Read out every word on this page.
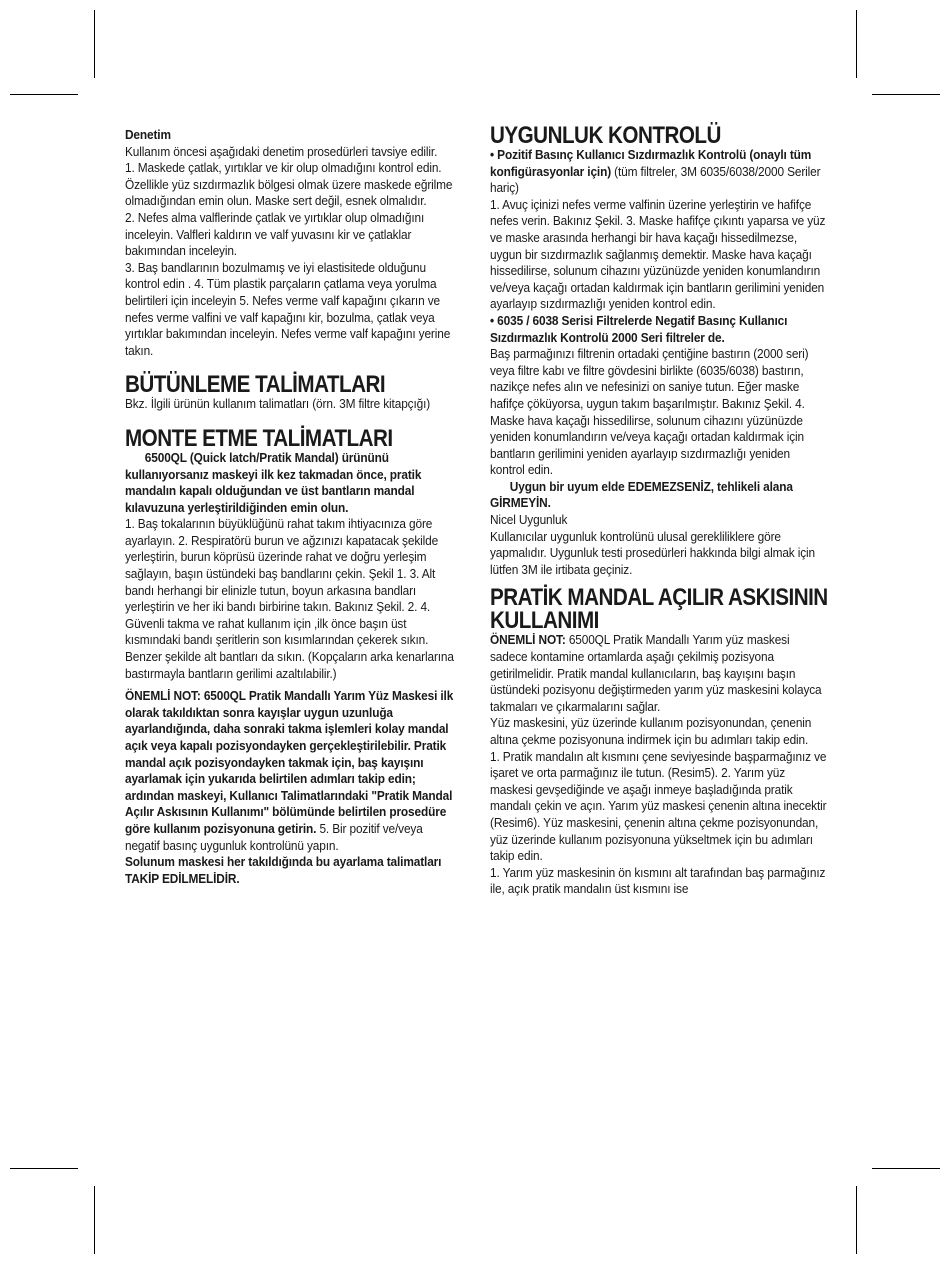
Denetim

Kullanım öncesi aşağıdaki denetim prosedürleri tavsiye edilir.

1. Maskede çatlak, yırtıklar ve kir olup olmadığını kontrol edin. Özellikle yüz sızdırmazlık bölgesi olmak üzere maskede eğrilme olmadığından emin olun. Maske sert değil, esnek olmalıdır.

2. Nefes alma valflerinde çatlak ve yırtıklar olup olmadığını inceleyin. Valfleri kaldırın ve valf yuvasını kir ve çatlaklar bakımından inceleyin.

3. Baş bandlarının bozulmamış ve iyi elastisitede olduğunu kontrol edin . 4. Tüm plastik parçaların çatlama veya yorulma belirtileri için inceleyin 5. Nefes verme valf kapağını çıkarın ve nefes verme valfini ve valf kapağını kir, bozulma, çatlak veya yırtıklar bakımından inceleyin. Nefes verme valf kapağını yerine takın.

BÜTÜNLEME TALİMATLARI

Bkz. İlgili ürünün kullanım talimatları (örn. 3M filtre kitapçığı)

MONTE ETME TALİMATLARI

6500QL (Quick latch/Pratik Mandal) ürününü kullanıyorsanız maskeyi ilk kez takmadan önce, pratik mandalın kapalı olduğundan ve üst bantların mandal kılavuzuna yerleştirildiğinden emin olun.

1. Baş tokalarının büyüklüğünü rahat takım ihtiyacınıza göre ayarlayın. 2. Respiratörü burun ve ağzınızı kapatacak şekilde yerleştirin, burun köprüsü üzerinde rahat ve doğru yerleşim sağlayın, başın üstündeki baş bandlarını çekin. Şekil 1. 3. Alt bandı herhangi bir elinizle tutun, boyun arkasına bandları yerleştirin ve her iki bandı birbirine takın. Bakınız Şekil. 2. 4. Güvenli takma ve rahat kullanım için ,ilk önce başın üst kısmındaki bandı şeritlerin son kısımlarından çekerek sıkın. Benzer şekilde alt bantları da sıkın. (Kopçaların arka kenarlarına bastırmayla bantların gerilimi azaltılabilir.)

ÖNEMLİ NOT: 6500QL Pratik Mandallı Yarım Yüz Maskesi ilk olarak takıldıktan sonra kayışlar uygun uzunluğa ayarlandığında, daha sonraki takma işlemleri kolay mandal açık veya kapalı pozisyondayken gerçekleştirilebilir. Pratik mandal açık pozisyondayken takmak için, baş kayışını ayarlamak için yukarıda belirtilen adımları takip edin; ardından maskeyi, Kullanıcı Talimatlarındaki "Pratik Mandal Açılır Askısının Kullanımı" bölümünde belirtilen prosedüre göre kullanım pozisyonuna getirin. 5. Bir pozitif ve/veya negatif basınç uygunluk kontrolünü yapın.

Solunum maskesi her takıldığında bu ayarlama talimatları TAKİP EDİLMELİDİR.

UYGUNLUK KONTROLÜ

• Pozitif Basınç Kullanıcı Sızdırmazlık Kontrolü (onaylı tüm konfigürasyonlar için) (tüm filtreler, 3M 6035/6038/2000 Seriler hariç)

1. Avuç içinizi nefes verme valfinin üzerine yerleştirin ve hafifçe nefes verin. Bakınız Şekil. 3. Maske hafifçe çıkıntı yaparsa ve yüz ve maske arasında herhangi bir hava kaçağı hissedilmezse, uygun bir sızdırmazlık sağlanmış demektir. Maske hava kaçağı hissedilirse, solunum cihazını yüzünüzde yeniden konumlandırın ve/veya kaçağı ortadan kaldırmak için bantların gerilimini yeniden ayarlayıp sızdırmazlığı yeniden kontrol edin.

• 6035 / 6038 Serisi Filtrelerde Negatif Basınç Kullanıcı Sızdırmazlık Kontrolü 2000 Seri filtreler de.

Baş parmağınızı filtrenin ortadaki çentiğine bastırın (2000 seri) veya filtre kabı ve filtre gövdesini birlikte (6035/6038) bastırın, nazikçe nefes alın ve nefesinizi on saniye tutun. Eğer maske hafifçe çöküyorsa, uygun takım başarılmıştır. Bakınız Şekil. 4. Maske hava kaçağı hissedilirse, solunum cihazını yüzünüzde yeniden konumlandırın ve/veya kaçağı ortadan kaldırmak için bantların gerilimini yeniden ayarlayıp sızdırmazlığı yeniden kontrol edin.

Uygun bir uyum elde EDEMEZSENİZ, tehlikeli alana GİRMEYİN.

Nicel Uygunluk

Kullanıcılar uygunluk kontrolünü ulusal gerekliliklere göre yapmalıdır. Uygunluk testi prosedürleri hakkında bilgi almak için lütfen 3M ile irtibata geçiniz.

PRATİK MANDAL AÇILIR ASKISININ KULLANIMI

ÖNEMLİ NOT: 6500QL Pratik Mandallı Yarım yüz maskesi sadece kontamine ortamlarda aşağı çekilmiş pozisyona getirilmelidir. Pratik mandal kullanıcıların, baş kayışını başın üstündeki pozisyonu değiştirmeden yarım yüz maskesini kolayca takmaları ve çıkarmalarını sağlar.

Yüz maskesini, yüz üzerinde kullanım pozisyonundan, çenenin altına çekme pozisyonuna indirmek için bu adımları takip edin.

1. Pratik mandalın alt kısmını çene seviyesinde başparmağınız ve işaret ve orta parmağınız ile tutun. (Resim5). 2. Yarım yüz maskesi gevşediğinde ve aşağı inmeye başladığında pratik mandalı çekin ve açın. Yarım yüz maskesi çenenin altına inecektir (Resim6). Yüz maskesini, çenenin altına çekme pozisyonundan, yüz üzerinde kullanım pozisyonuna yükseltmek için bu adımları takip edin.

1. Yarım yüz maskesinin ön kısmını alt tarafından baş parmağınız ile, açık pratik mandalın üst kısmını ise
